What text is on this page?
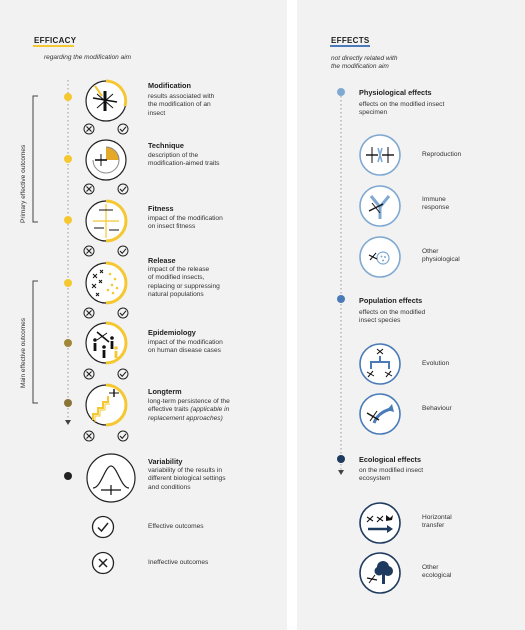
EFFICACY
regarding the modification aim
Primary effective outcomes
Main effective outcomes
Modification
results associated with
the modification of an
insect
Technique
description of the
modification-aimed traits
Fitness
impact of the modification
on insect fitness
Release
impact of the release
of modified insects,
replacing or suppressing
natural populations
Epidemiology
impact of the modification
on human disease cases
Longterm
long-term persistence of the
effective traits (applicable in
replacement approaches)
Variability
variability of the results in
different biological settings
and conditions
Effective outcomes
Ineffective outcomes
EFFECTS
not directly related with
the modification aim
Physiological effects
effects on the modified insect
specimen
Reproduction
Immune
response
Other
physiological
Population effects
effects on the modified
insect species
Evolution
Behaviour
Ecological effects
on the modified insect
ecosystem
Horizontal
transfer
Other
ecological
